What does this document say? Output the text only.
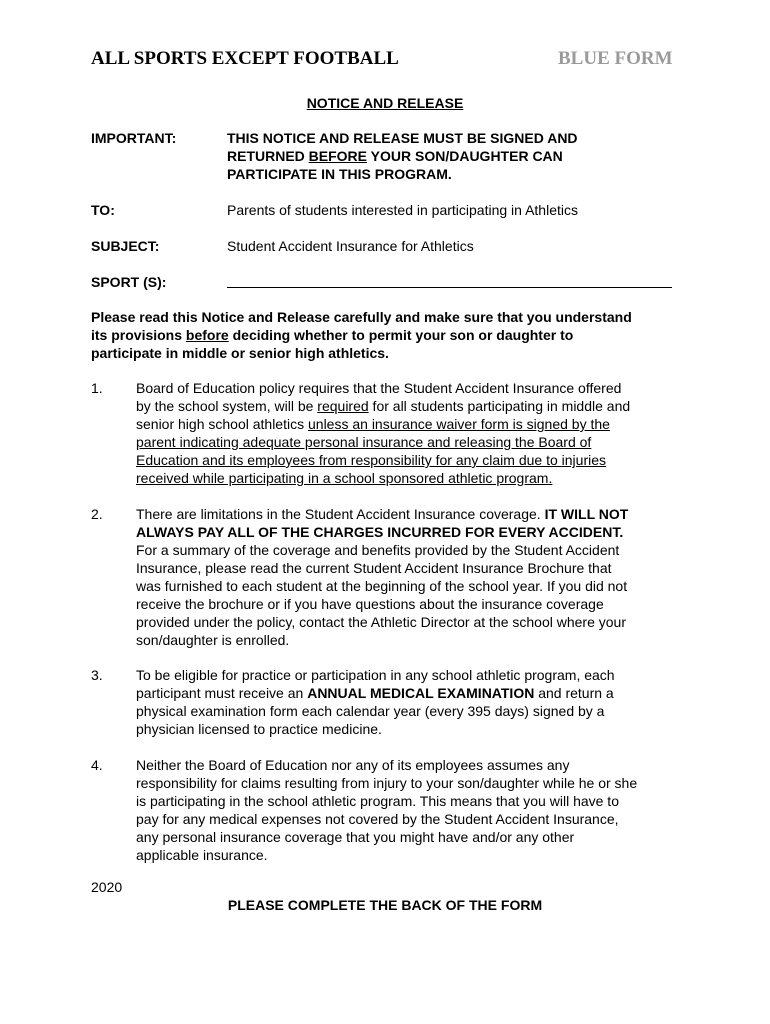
ALL SPORTS EXCEPT FOOTBALL	BLUE FORM
NOTICE AND RELEASE
IMPORTANT:	THIS NOTICE AND RELEASE MUST BE SIGNED AND
RETURNED BEFORE YOUR SON/DAUGHTER CAN
PARTICIPATE IN THIS PROGRAM.
TO:	Parents of students interested in participating in Athletics
SUBJECT:	Student Accident Insurance for Athletics
SPORT (S):
Please read this Notice and Release carefully and make sure that you understand
its provisions before deciding whether to permit your son or daughter to
participate in middle or senior high athletics.
1. Board of Education policy requires that the Student Accident Insurance offered
by the school system, will be required for all students participating in middle and
senior high school athletics unless an insurance waiver form is signed by the
parent indicating adequate personal insurance and releasing the Board of
Education and its employees from responsibility for any claim due to injuries
received while participating in a school sponsored athletic program.
2. There are limitations in the Student Accident Insurance coverage. IT WILL NOT
ALWAYS PAY ALL OF THE CHARGES INCURRED FOR EVERY ACCIDENT.
For a summary of the coverage and benefits provided by the Student Accident
Insurance, please read the current Student Accident Insurance Brochure that
was furnished to each student at the beginning of the school year. If you did not
receive the brochure or if you have questions about the insurance coverage
provided under the policy, contact the Athletic Director at the school where your
son/daughter is enrolled.
3. To be eligible for practice or participation in any school athletic program, each
participant must receive an ANNUAL MEDICAL EXAMINATION and return a
physical examination form each calendar year (every 395 days) signed by a
physician licensed to practice medicine.
4. Neither the Board of Education nor any of its employees assumes any
responsibility for claims resulting from injury to your son/daughter while he or she
is participating in the school athletic program. This means that you will have to
pay for any medical expenses not covered by the Student Accident Insurance,
any personal insurance coverage that you might have and/or any other
applicable insurance.
2020
PLEASE COMPLETE THE BACK OF THE FORM
